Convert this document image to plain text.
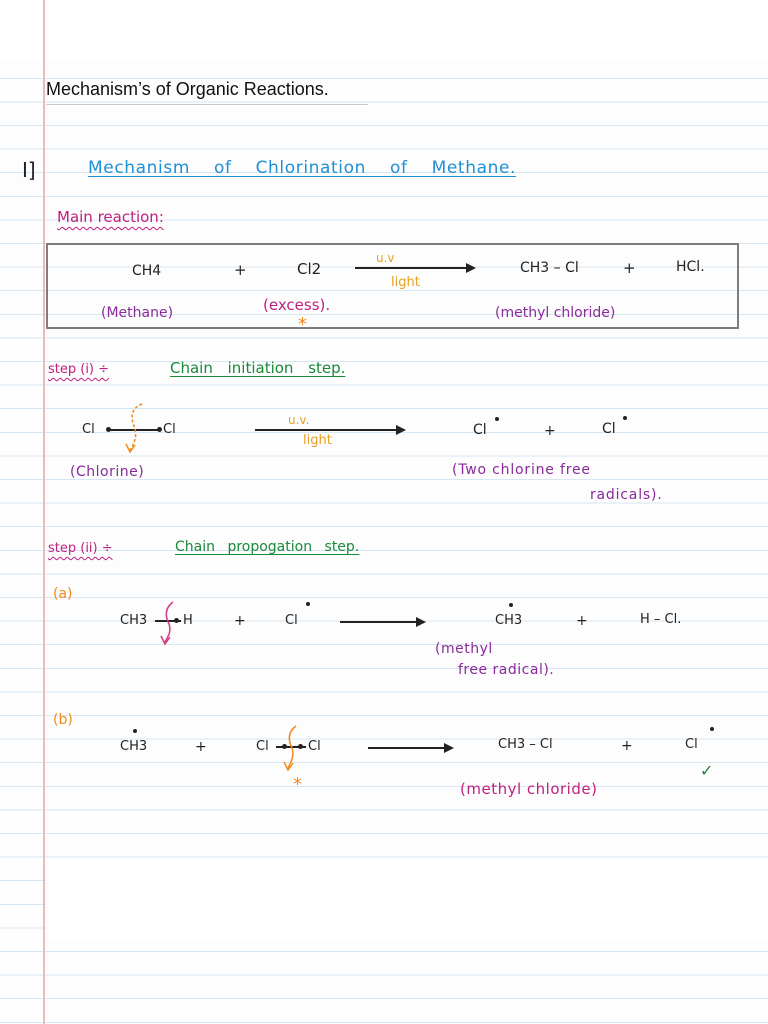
Mechanism’s of Organic Reactions.
I]	Mechanism of Chlorination of Methane.
Main reaction:
CH4	+	Cl2
u.v
light
CH3 – Cl	+	HCl.
(Methane)	(excess).
*
(methyl chloride)
step (i) ÷	Chain initiation step.
Cl	Cl
u.v.
light
Cl	+	Cl
(Chlorine)	(Two chlorine free
radicals).
step (ii) ÷	Chain propogation step.
(a)
CH3	H	+	Cl	CH3	+	H – Cl.
(methyl
free radical).
(b)
CH3	+	Cl	Cl
*
CH3 – Cl	+	Cl
✓
(methyl chloride)
